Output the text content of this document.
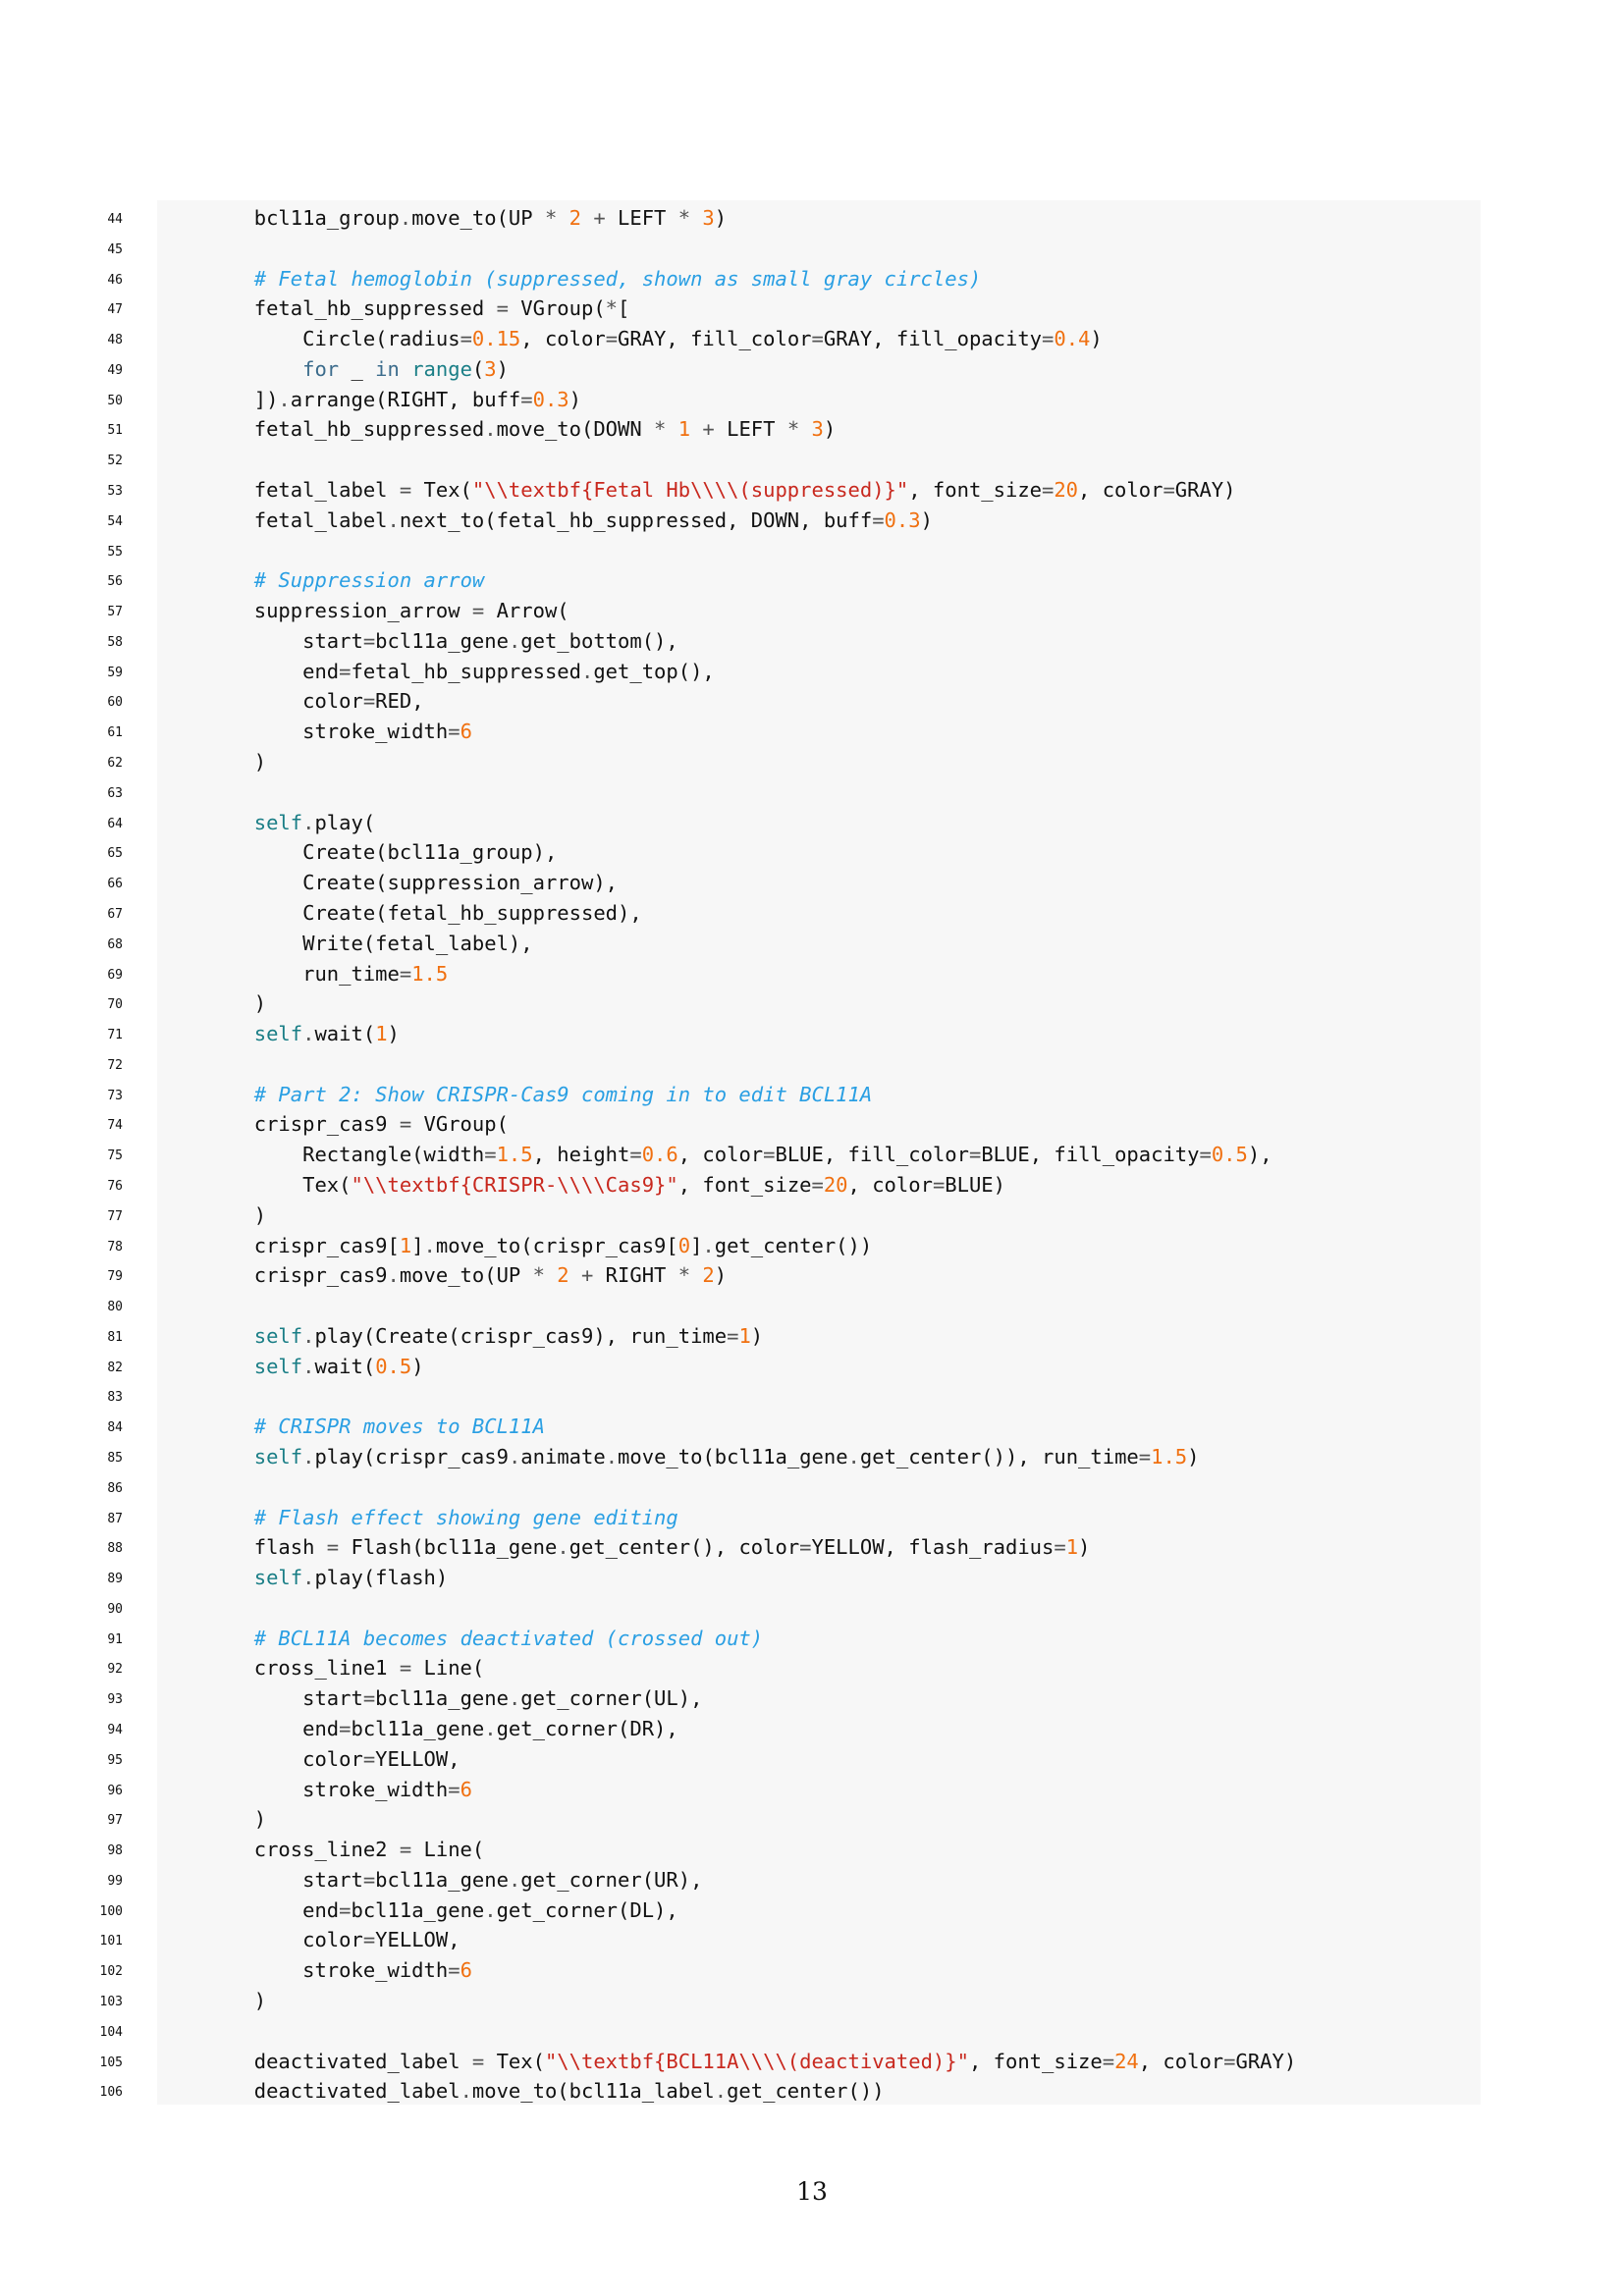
44 bcl11a_group.move_to(UP * 2 + LEFT * 3)
45
46	# Fetal hemoglobin (suppressed, shown as small gray circles)
47 fetal_hb_suppressed = VGroup(*[
48 Circle(radius=0.15, color=GRAY, fill_color=GRAY, fill_opacity=0.4)
49	for _ in range(3)
50 ]).arrange(RIGHT, buff=0.3)
51 fetal_hb_suppressed.move_to(DOWN * 1 + LEFT * 3)
52
53 fetal_label = Tex("\\textbf{Fetal Hb\\\\(suppressed)}", font_size=20, color=GRAY)
54 fetal_label.next_to(fetal_hb_suppressed, DOWN, buff=0.3)
55
56	# Suppression arrow
57 suppression_arrow = Arrow(
58 start=bcl11a_gene.get_bottom(),
59 end=fetal_hb_suppressed.get_top(),
60 color=RED,
61 stroke_width=6
62 )
63
64	self.play(
65 Create(bcl11a_group),
66 Create(suppression_arrow),
67 Create(fetal_hb_suppressed),
68 Write(fetal_label),
69 run_time=1.5
70 )
71	self.wait(1)
72
73	# Part 2: Show CRISPR-Cas9 coming in to edit BCL11A
74 crispr_cas9 = VGroup(
75 Rectangle(width=1.5, height=0.6, color=BLUE, fill_color=BLUE, fill_opacity=0.5),
76 Tex("\\textbf{CRISPR-\\\\Cas9}", font_size=20, color=BLUE)
77 )
78 crispr_cas9[1].move_to(crispr_cas9[0].get_center())
79 crispr_cas9.move_to(UP * 2 + RIGHT * 2)
80
81	self.play(Create(crispr_cas9), run_time=1)
82	self.wait(0.5)
83
84	# CRISPR moves to BCL11A
85	self.play(crispr_cas9.animate.move_to(bcl11a_gene.get_center()), run_time=1.5)
86
87	# Flash effect showing gene editing
88 flash = Flash(bcl11a_gene.get_center(), color=YELLOW, flash_radius=1)
89	self.play(flash)
90
91	# BCL11A becomes deactivated (crossed out)
92 cross_line1 = Line(
93 start=bcl11a_gene.get_corner(UL),
94 end=bcl11a_gene.get_corner(DR),
95 color=YELLOW,
96 stroke_width=6
97 )
98 cross_line2 = Line(
99 start=bcl11a_gene.get_corner(UR),
100 end=bcl11a_gene.get_corner(DL),
101 color=YELLOW,
102 stroke_width=6
103 )
104
105 deactivated_label = Tex("\\textbf{BCL11A\\\\(deactivated)}", font_size=24, color=GRAY)
106 deactivated_label.move_to(bcl11a_label.get_center())
13
